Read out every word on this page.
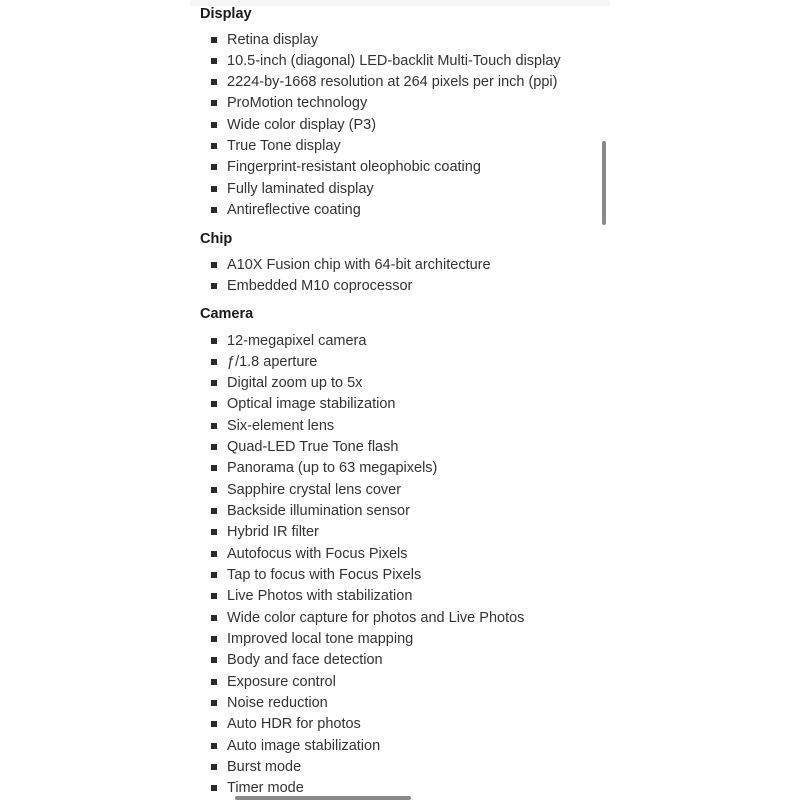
Display
Retina display
10.5-inch (diagonal) LED-backlit Multi-Touch display
2224-by-1668 resolution at 264 pixels per inch (ppi)
ProMotion technology
Wide color display (P3)
True Tone display
Fingerprint-resistant oleophobic coating
Fully laminated display
Antireflective coating
Chip
A10X Fusion chip with 64-bit architecture
Embedded M10 coprocessor
Camera
12-megapixel camera
ƒ/1.8 aperture
Digital zoom up to 5x
Optical image stabilization
Six-element lens
Quad-LED True Tone flash
Panorama (up to 63 megapixels)
Sapphire crystal lens cover
Backside illumination sensor
Hybrid IR filter
Autofocus with Focus Pixels
Tap to focus with Focus Pixels
Live Photos with stabilization
Wide color capture for photos and Live Photos
Improved local tone mapping
Body and face detection
Exposure control
Noise reduction
Auto HDR for photos
Auto image stabilization
Burst mode
Timer mode
